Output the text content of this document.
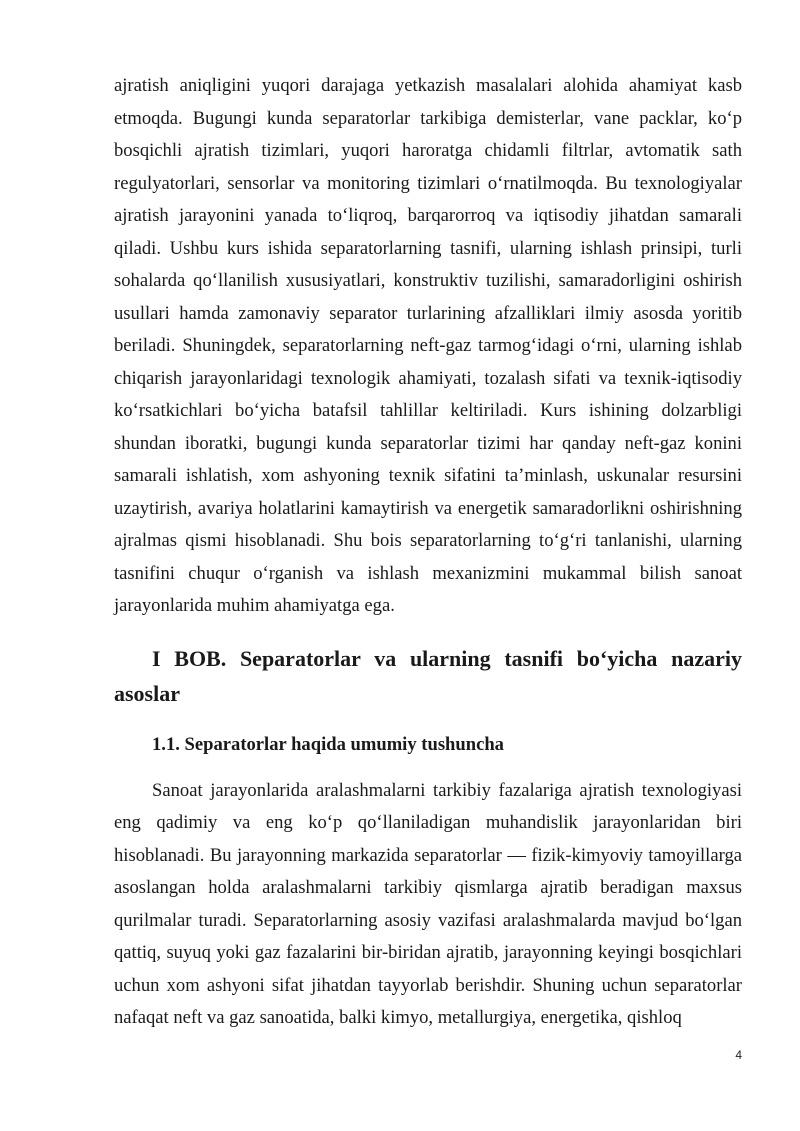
ajratish aniqligini yuqori darajaga yetkazish masalalari alohida ahamiyat kasb etmoqda. Bugungi kunda separatorlar tarkibiga demisterlar, vane packlar, ko‘p bosqichli ajratish tizimlari, yuqori haroratga chidamli filtrlar, avtomatik sath regulyatorlari, sensorlar va monitoring tizimlari o‘rnatilmoqda. Bu texnologiyalar ajratish jarayonini yanada to‘liqroq, barqarorroq va iqtisodiy jihatdan samarali qiladi. Ushbu kurs ishida separatorlarning tasnifi, ularning ishlash prinsipi, turli sohalarda qo‘llanilish xususiyatlari, konstruktiv tuzilishi, samaradorligini oshirish usullari hamda zamonaviy separator turlarining afzalliklari ilmiy asosda yoritib beriladi. Shuningdek, separatorlarning neft-gaz tarmog‘idagi o‘rni, ularning ishlab chiqarish jarayonlaridagi texnologik ahamiyati, tozalash sifati va texnik-iqtisodiy ko‘rsatkichlari bo‘yicha batafsil tahlillar keltiriladi. Kurs ishining dolzarbligi shundan iboratki, bugungi kunda separatorlar tizimi har qanday neft-gaz konini samarali ishlatish, xom ashyoning texnik sifatini ta’minlash, uskunalar resursini uzaytirish, avariya holatlarini kamaytirish va energetik samaradorlikni oshirishning ajralmas qismi hisoblanadi. Shu bois separatorlarning to‘g‘ri tanlanishi, ularning tasnifini chuqur o‘rganish va ishlash mexanizmini mukammal bilish sanoat jarayonlarida muhim ahamiyatga ega.

I BOB. Separatorlar va ularning tasnifi bo‘yicha nazariy asoslar
1.1. Separatorlar haqida umumiy tushuncha

Sanoat jarayonlarida aralashmalarni tarkibiy fazalariga ajratish texnologiyasi eng qadimiy va eng ko‘p qo‘llaniladigan muhandislik jarayonlaridan biri hisoblanadi. Bu jarayonning markazida separatorlar — fizik-kimyoviy tamoyillarga asoslangan holda aralashmalarni tarkibiy qismlarga ajratib beradigan maxsus qurilmalar turadi. Separatorlarning asosiy vazifasi aralashmalarda mavjud bo‘lgan qattiq, suyuq yoki gaz fazalarini bir-biridan ajratib, jarayonning keyingi bosqichlari uchun xom ashyoni sifat jihatdan tayyorlab berishdir. Shuning uchun separatorlar nafaqat neft va gaz sanoatida, balki kimyo, metallurgiya, energetika, qishloq

4
